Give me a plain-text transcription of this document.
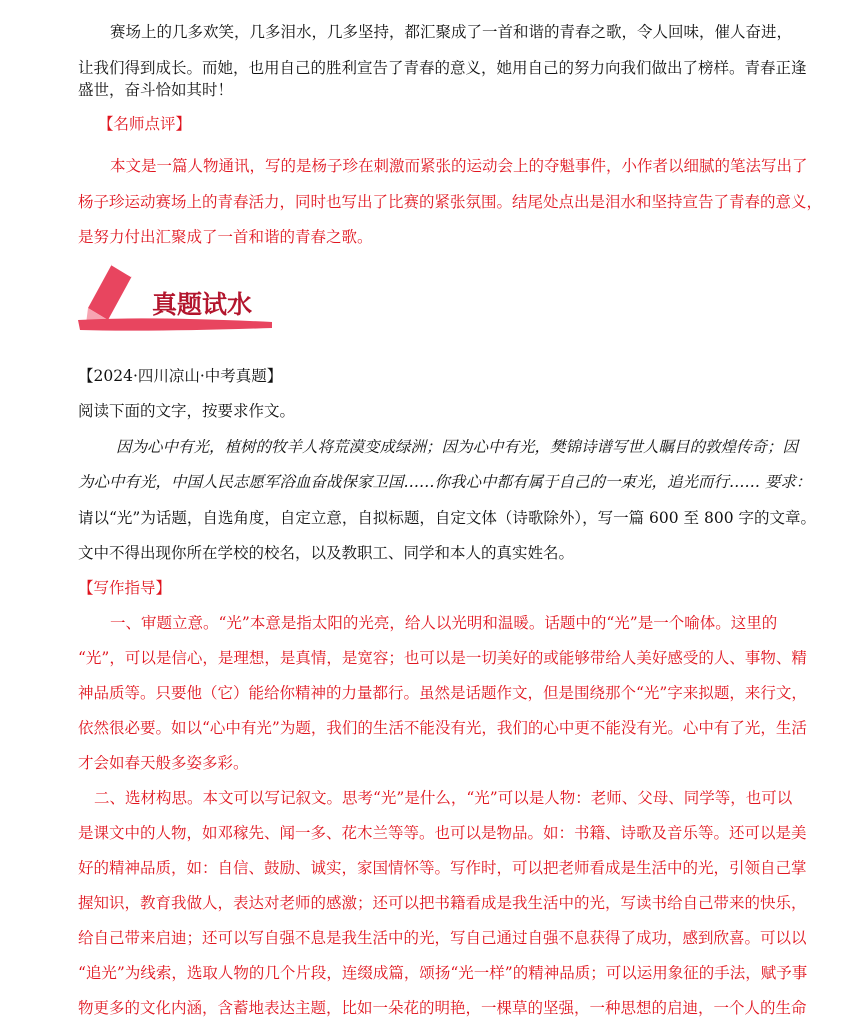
赛场上的几多欢笑，几多泪水，几多坚持，都汇聚成了一首和谐的青春之歌，令人回味，催人奋进，
让我们得到成长。而她，也用自己的胜利宣告了青春的意义，她用自己的努力向我们做出了榜样。青春正逢
盛世，奋斗恰如其时！
【名师点评】
本文是一篇人物通讯，写的是杨子珍在刺激而紧张的运动会上的夺魁事件，小作者以细腻的笔法写出了
杨子珍运动赛场上的青春活力，同时也写出了比赛的紧张氛围。结尾处点出是泪水和坚持宣告了青春的意义，
是努力付出汇聚成了一首和谐的青春之歌。
真题试水
【2024·四川凉山·中考真题】
阅读下面的文字，按要求作文。
因为心中有光，植树的牧羊人将荒漠变成绿洲；因为心中有光，樊锦诗谱写世人瞩目的敦煌传奇；因
为心中有光，中国人民志愿军浴血奋战保家卫国……你我心中都有属于自己的一束光，追光而行…… 要求：
请以“光”为话题，自选角度，自定立意，自拟标题，自定文体（诗歌除外），写一篇 600 至 800 字的文章。
文中不得出现你所在学校的校名，以及教职工、同学和本人的真实姓名。
【写作指导】
一、审题立意。“光”本意是指太阳的光亮，给人以光明和温暖。话题中的“光”是一个喻体。这里的
“光”，可以是信心，是理想，是真情，是宽容；也可以是一切美好的或能够带给人美好感受的人、事物、精
神品质等。只要他（它）能给你精神的力量都行。虽然是话题作文，但是围绕那个“光”字来拟题，来行文，
依然很必要。如以“心中有光”为题，我们的生活不能没有光，我们的心中更不能没有光。心中有了光，生活
才会如春天般多姿多彩。
二、选材构思。本文可以写记叙文。思考“光”是什么，“光”可以是人物：老师、父母、同学等，也可以
是课文中的人物，如邓稼先、闻一多、花木兰等等。也可以是物品。如：书籍、诗歌及音乐等。还可以是美
好的精神品质，如：自信、鼓励、诚实，家国情怀等。写作时，可以把老师看成是生活中的光，引领自己掌
握知识，教育我做人，表达对老师的感激；还可以把书籍看成是我生活中的光，写读书给自己带来的快乐，
给自己带来启迪；还可以写自强不息是我生活中的光，写自己通过自强不息获得了成功，感到欣喜。可以以
“追光”为线索，选取人物的几个片段，连缀成篇，颂扬“光一样”的精神品质；可以运用象征的手法，赋予事
物更多的文化内涵，含蓄地表达主题，比如一朵花的明艳，一棵草的坚强，一种思想的启迪，一个人的生命
